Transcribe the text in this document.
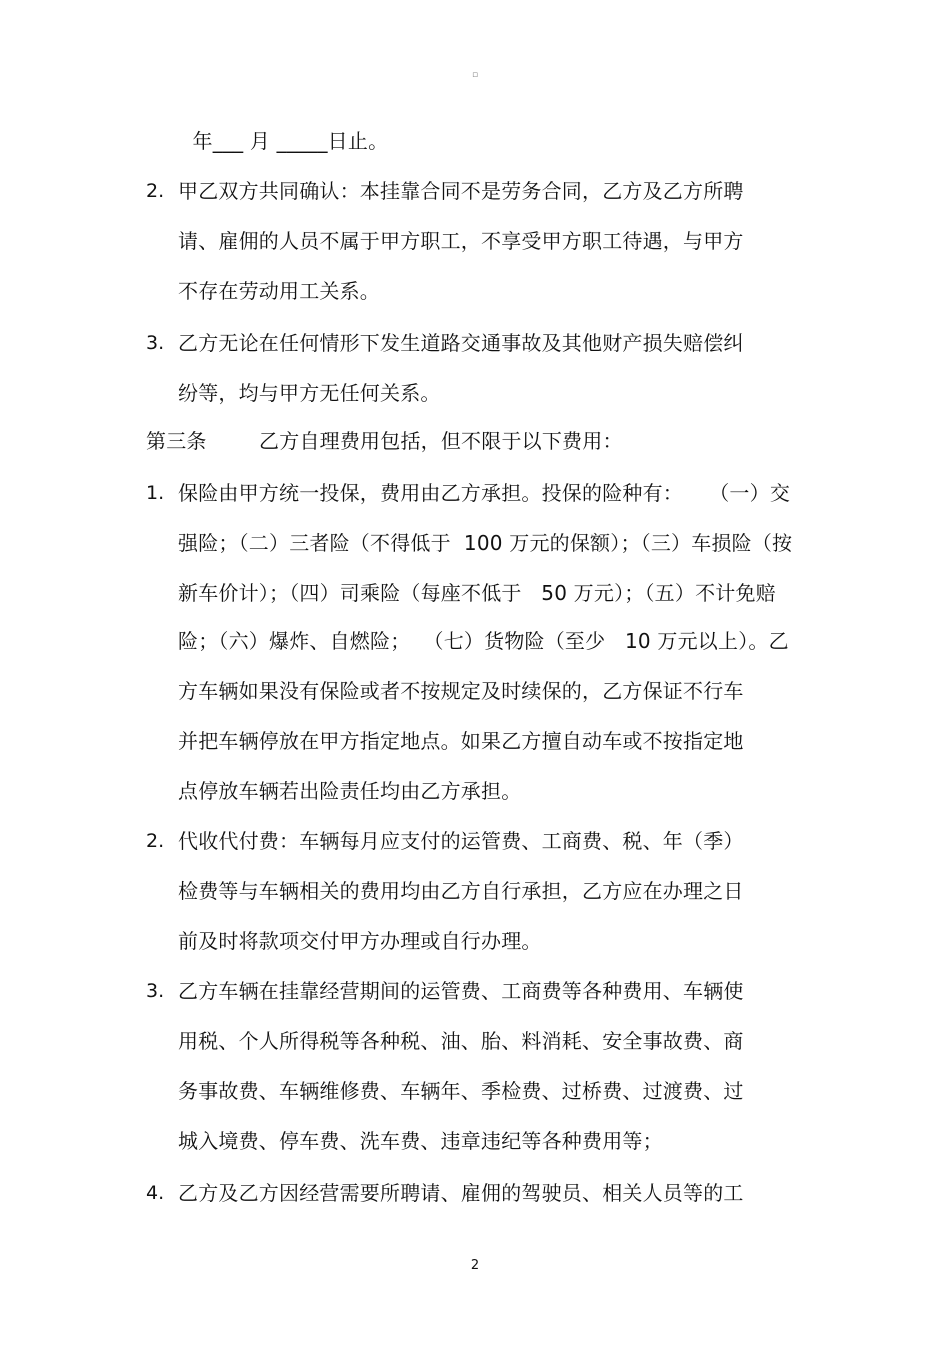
▫
年___ 月 _____日止。
2. 甲乙双方共同确认：本挂靠合同不是劳务合同，乙方及乙方所聘
请、雇佣的人员不属于甲方职工，不享受甲方职工待遇，与甲方
不存在劳动用工关系。
3. 乙方无论在任何情形下发生道路交通事故及其他财产损失赔偿纠
纷等，均与甲方无任何关系。
第三条        乙方自理费用包括，但不限于以下费用：
1. 保险由甲方统一投保，费用由乙方承担。投保的险种有：    （一）交
强险；（二）三者险（不得低于  100 万元的保额）；（三）车损险（按
新车价计）；（四）司乘险（每座不低于   50 万元）；（五）不计免赔
险；（六）爆炸、自燃险；  （七）货物险（至少   10 万元以上）。乙
方车辆如果没有保险或者不按规定及时续保的，乙方保证不行车
并把车辆停放在甲方指定地点。如果乙方擅自动车或不按指定地
点停放车辆若出险责任均由乙方承担。
2. 代收代付费：车辆每月应支付的运管费、工商费、税、年（季）
检费等与车辆相关的费用均由乙方自行承担，乙方应在办理之日
前及时将款项交付甲方办理或自行办理。
3. 乙方车辆在挂靠经营期间的运管费、工商费等各种费用、车辆使
用税、个人所得税等各种税、油、胎、料消耗、安全事故费、商
务事故费、车辆维修费、车辆年、季检费、过桥费、过渡费、过
城入境费、停车费、洗车费、违章违纪等各种费用等；
4. 乙方及乙方因经营需要所聘请、雇佣的驾驶员、相关人员等的工
2
